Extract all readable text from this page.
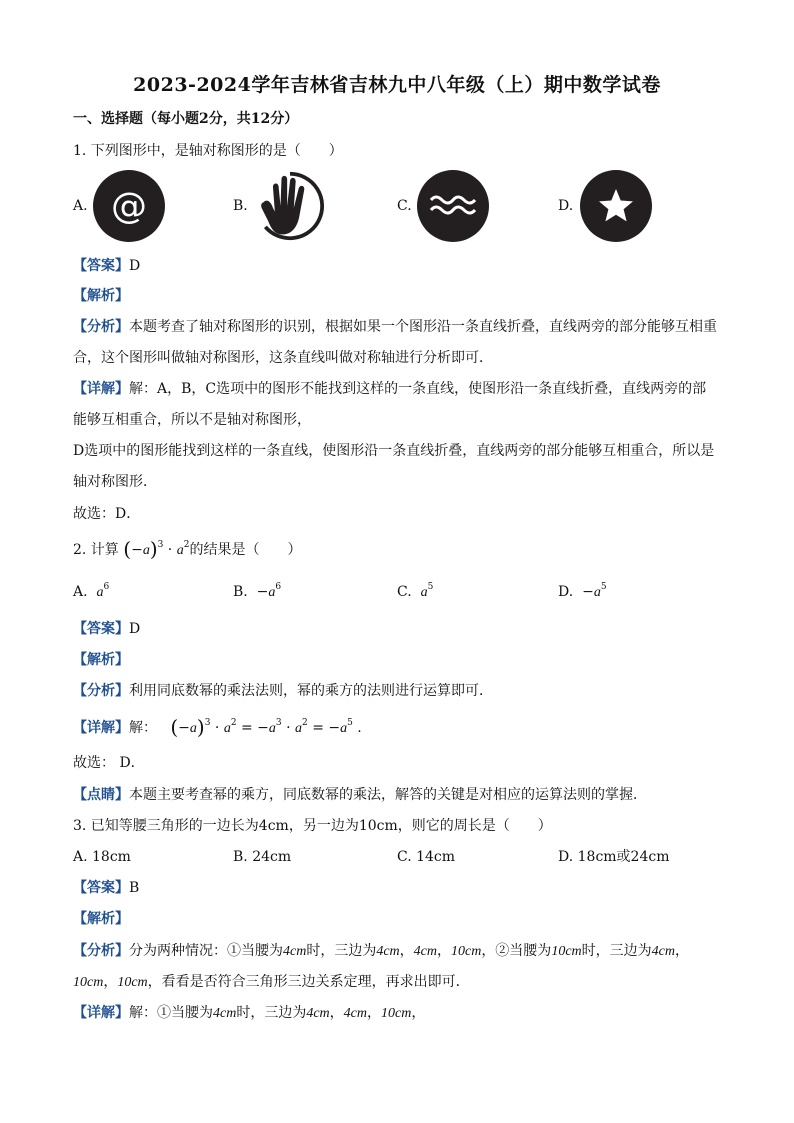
2023-2024学年吉林省吉林九中八年级（上）期中数学试卷
一、选择题（每小题2分，共12分）
1. 下列图形中，是轴对称图形的是（　　）
A. @	B.	C.	D.
【答案】D
【解析】
【分析】本题考查了轴对称图形的识别，根据如果一个图形沿一条直线折叠，直线两旁的部分能够互相重
合，这个图形叫做轴对称图形，这条直线叫做对称轴进行分析即可．
【详解】解：A，B，C选项中的图形不能找到这样的一条直线，使图形沿一条直线折叠，直线两旁的部
能够互相重合，所以不是轴对称图形，
D选项中的图形能找到这样的一条直线，使图形沿一条直线折叠，直线两旁的部分能够互相重合，所以是
轴对称图形．
故选：D．
2. 计算 $(-a)^3 \cdot a^2$的结果是（　　）
A. $a^6$	B.  $-a^6$	C. $a^5$	D.  $-a^5$
【答案】D
【解析】
【分析】利用同底数幂的乘法法则，幂的乘方的法则进行运算即可．
【详解】解： $(-a)^3 \cdot a^2 = -a^3 \cdot a^2 = -a^5$ .
故选： D．
【点睛】本题主要考查幂的乘方，同底数幂的乘法，解答的关键是对相应的运算法则的掌握．
3. 已知等腰三角形的一边长为4cm，另一边为10cm，则它的周长是（　　）
A. 18cm	B. 24cm	C. 14cm	D. 18cm或24cm
【答案】B
【解析】
【分析】分为两种情况：①当腰为4cm时，三边为4cm，4cm，10cm，②当腰为10cm时，三边为4cm，
10cm，10cm，看看是否符合三角形三边关系定理，再求出即可．
【详解】解：①当腰为4cm时，三边为4cm，4cm，10cm，
